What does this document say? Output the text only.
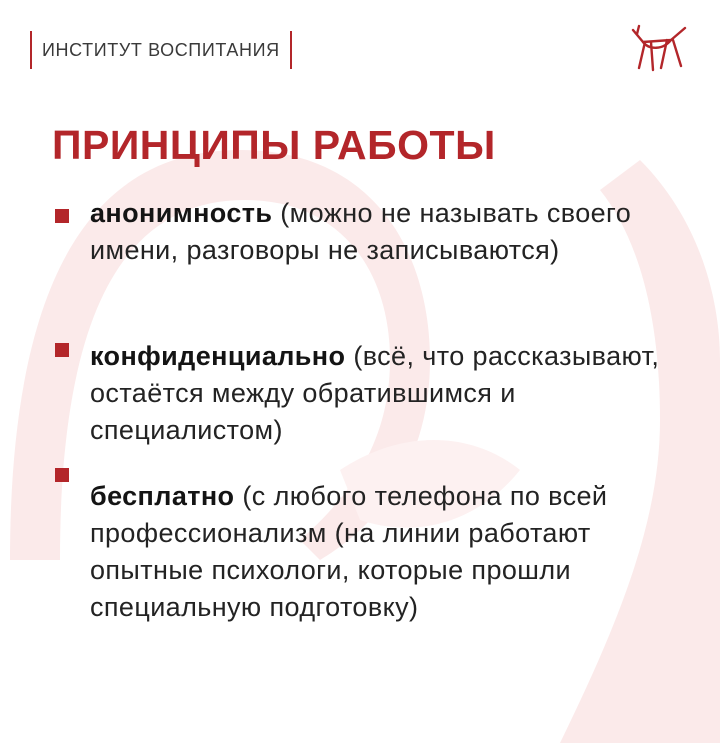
ИНСТИТУТ ВОСПИТАНИЯ
ПРИНЦИПЫ РАБОТЫ
анонимность (можно не называть своего имени, разговоры не записываются)
конфиденциально (всё, что рассказывают, остаётся между обратившимся и специалистом)
бесплатно (с любого телефона по всей профессионализм (на линии работают опытные психологи, которые прошли специальную подготовку)
